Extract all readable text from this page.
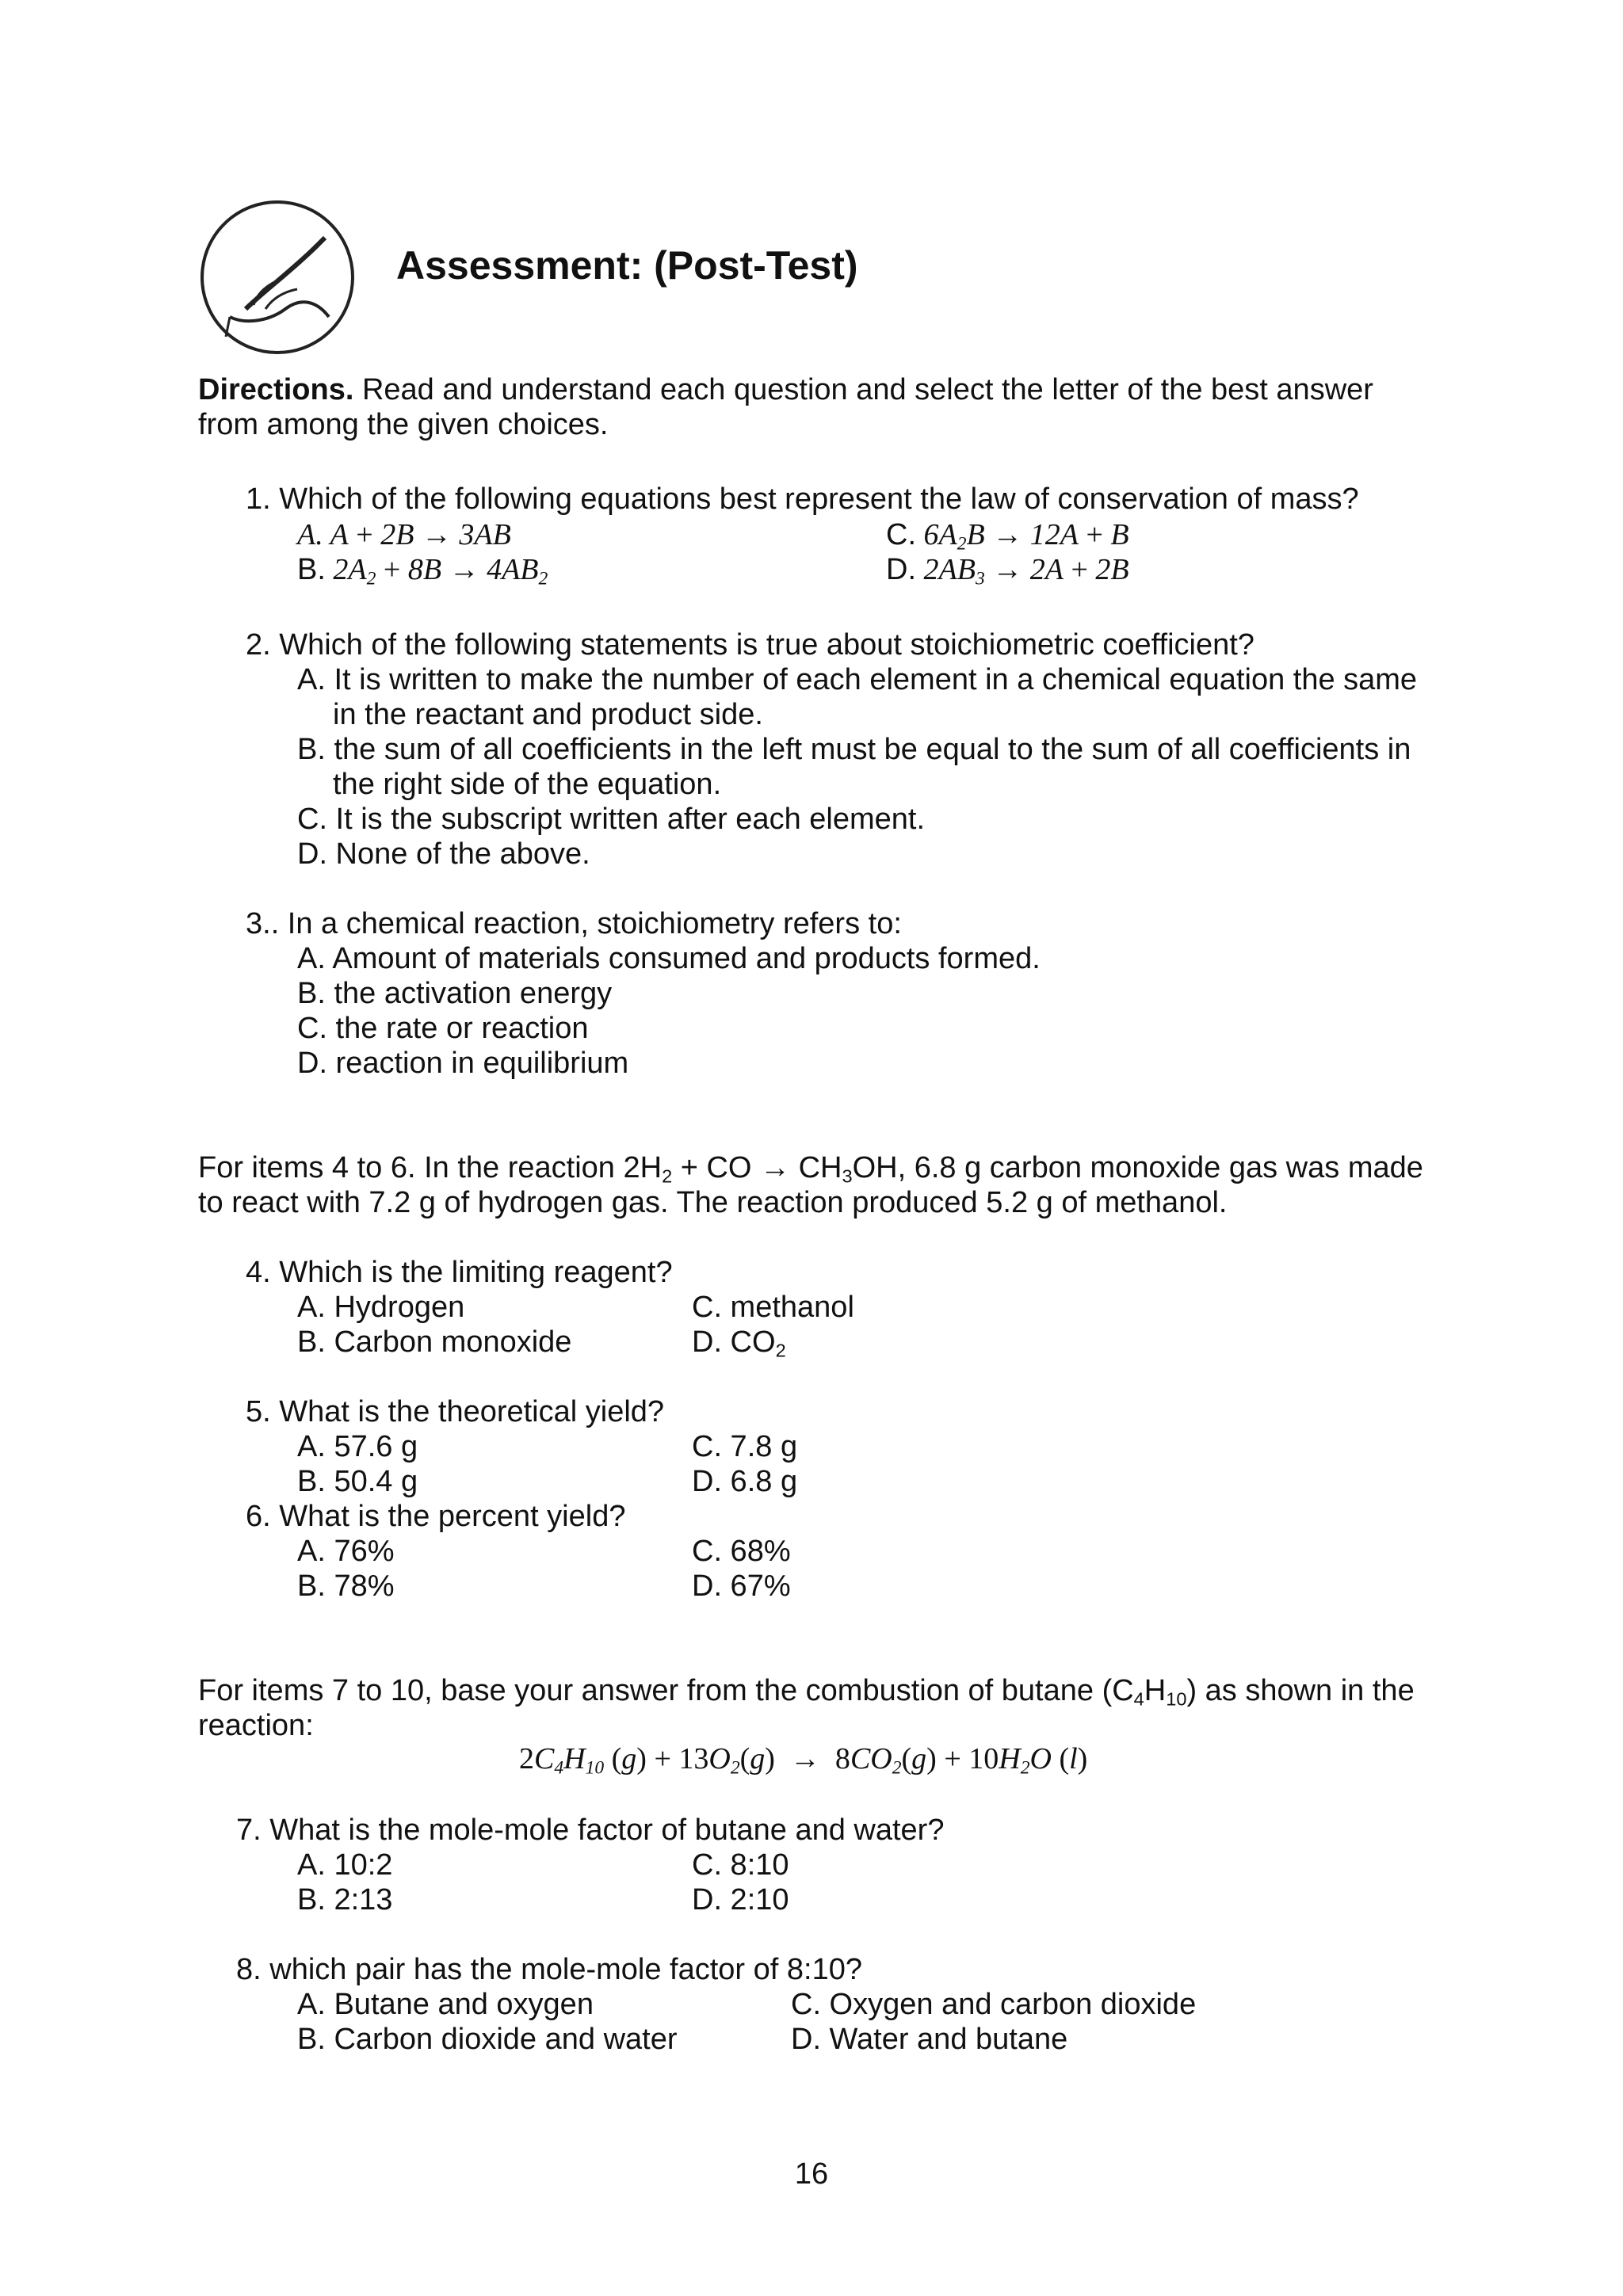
Assessment: (Post-Test)
Directions. Read and understand each question and select the letter of the best answer
from among the given choices.
1. Which of the following equations best represent the law of conservation of mass?
A. A + 2B → 3AB
B. $2A_2 + 8B \to 4AB_2$
C. $6A_2B \to 12A + B$
D. $2AB_3 \to 2A + 2B$
2. Which of the following statements is true about stoichiometric coefficient?
A. It is written to make the number of each element in a chemical equation the same
in the reactant and product side.
B. the sum of all coefficients in the left must be equal to the sum of all coefficients in
the right side of the equation.
C. It is the subscript written after each element.
D. None of the above.
3.. In a chemical reaction, stoichiometry refers to:
A. Amount of materials consumed and products formed.
B. the activation energy
C. the rate or reaction
D. reaction in equilibrium
For items 4 to 6. In the reaction $2H_2$ + CO → $CH_3OH$, 6.8 g carbon monoxide gas was made
to react with 7.2 g of hydrogen gas. The reaction produced 5.2 g of methanol.
4. Which is the limiting reagent?
A. Hydrogen
B. Carbon monoxide
C. methanol
D. $CO_2$
5. What is the theoretical yield?
A. 57.6 g
B. 50.4 g
C. 7.8 g
D. 6.8 g
6. What is the percent yield?
A. 76%
B. 78%
C. 68%
D. 67%
For items 7 to 10, base your answer from the combustion of butane $(C_4H_{10})$ as shown in the
reaction:
$2C_4H_{10}$ $(g) + 13O_2(g) \to 8CO_2(g) + 10H_2O$ (l)
7. What is the mole-mole factor of butane and water?
A. 10:2
B. 2:13
C. 8:10
D. 2:10
8. which pair has the mole-mole factor of 8:10?
A. Butane and oxygen
B. Carbon dioxide and water
C. Oxygen and carbon dioxide
D. Water and butane
16
